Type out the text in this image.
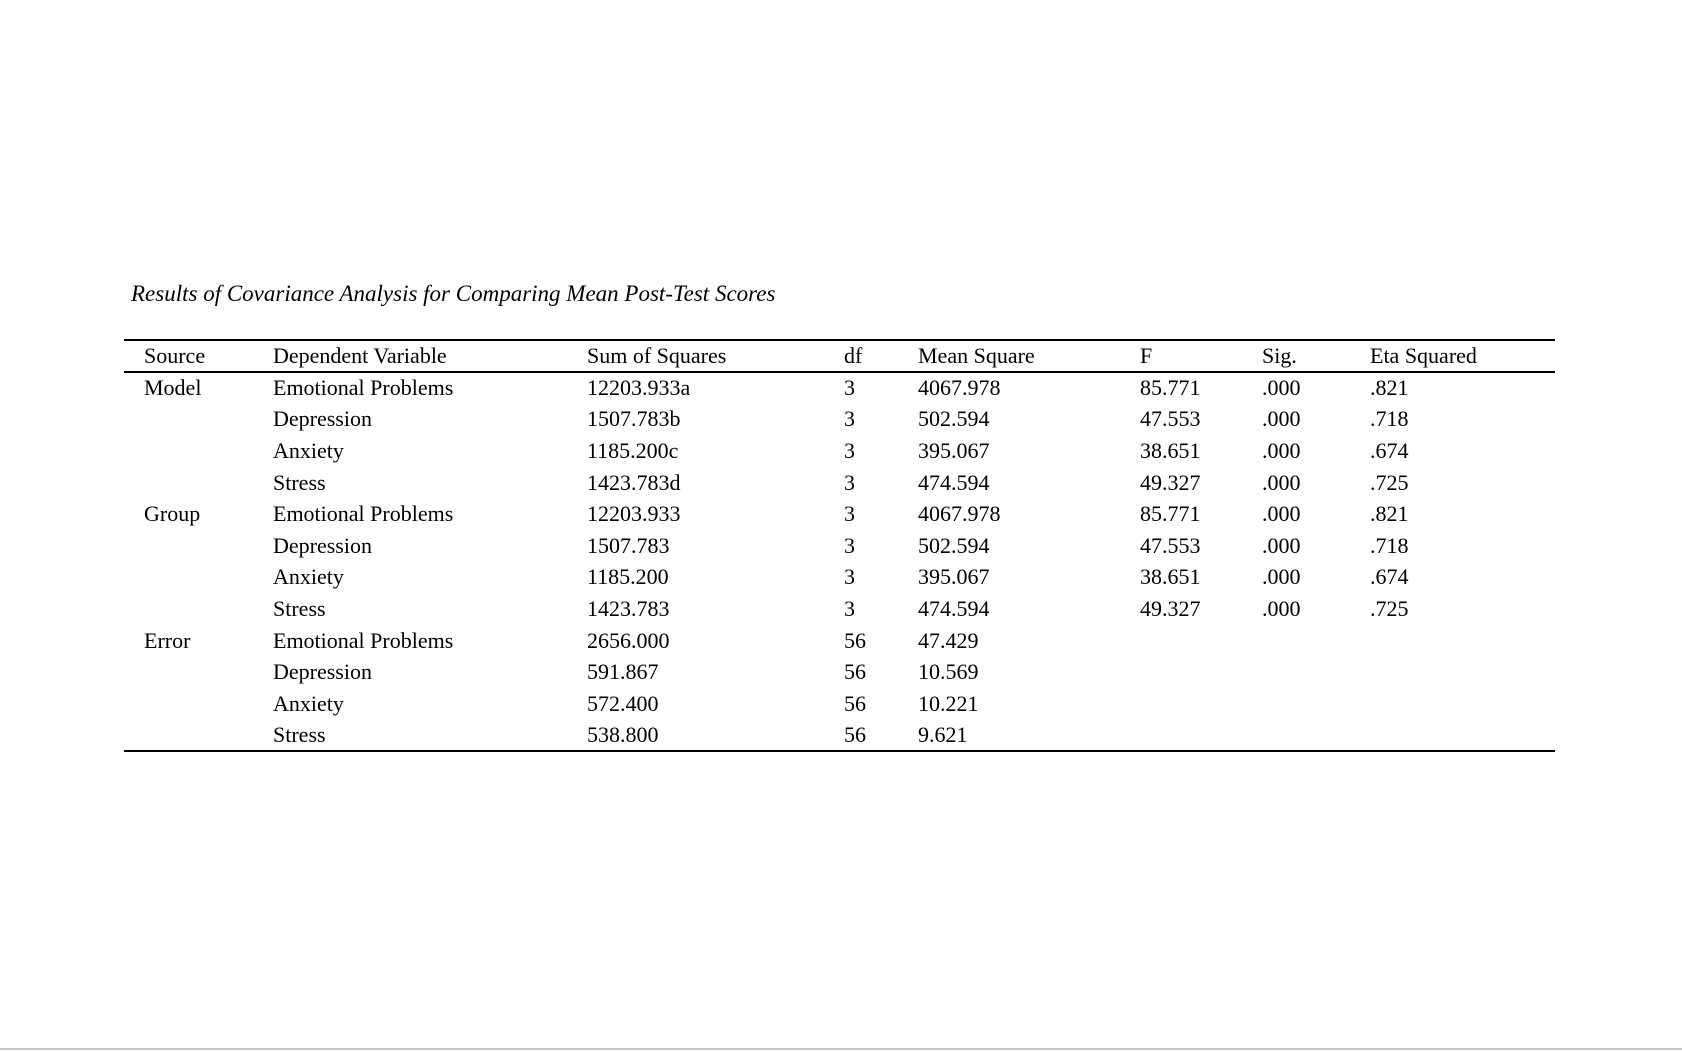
Results of Covariance Analysis for Comparing Mean Post-Test Scores
Source	Dependent Variable	Sum of Squares	df	Mean Square	F	Sig.	Eta Squared
Model	Emotional Problems	12203.933a	3	4067.978	85.771	.000	.821
	Depression	1507.783b	3	502.594	47.553	.000	.718
	Anxiety	1185.200c	3	395.067	38.651	.000	.674
	Stress	1423.783d	3	474.594	49.327	.000	.725
Group	Emotional Problems	12203.933	3	4067.978	85.771	.000	.821
	Depression	1507.783	3	502.594	47.553	.000	.718
	Anxiety	1185.200	3	395.067	38.651	.000	.674
	Stress	1423.783	3	474.594	49.327	.000	.725
Error	Emotional Problems	2656.000	56	47.429			
	Depression	591.867	56	10.569			
	Anxiety	572.400	56	10.221			
	Stress	538.800	56	9.621			
